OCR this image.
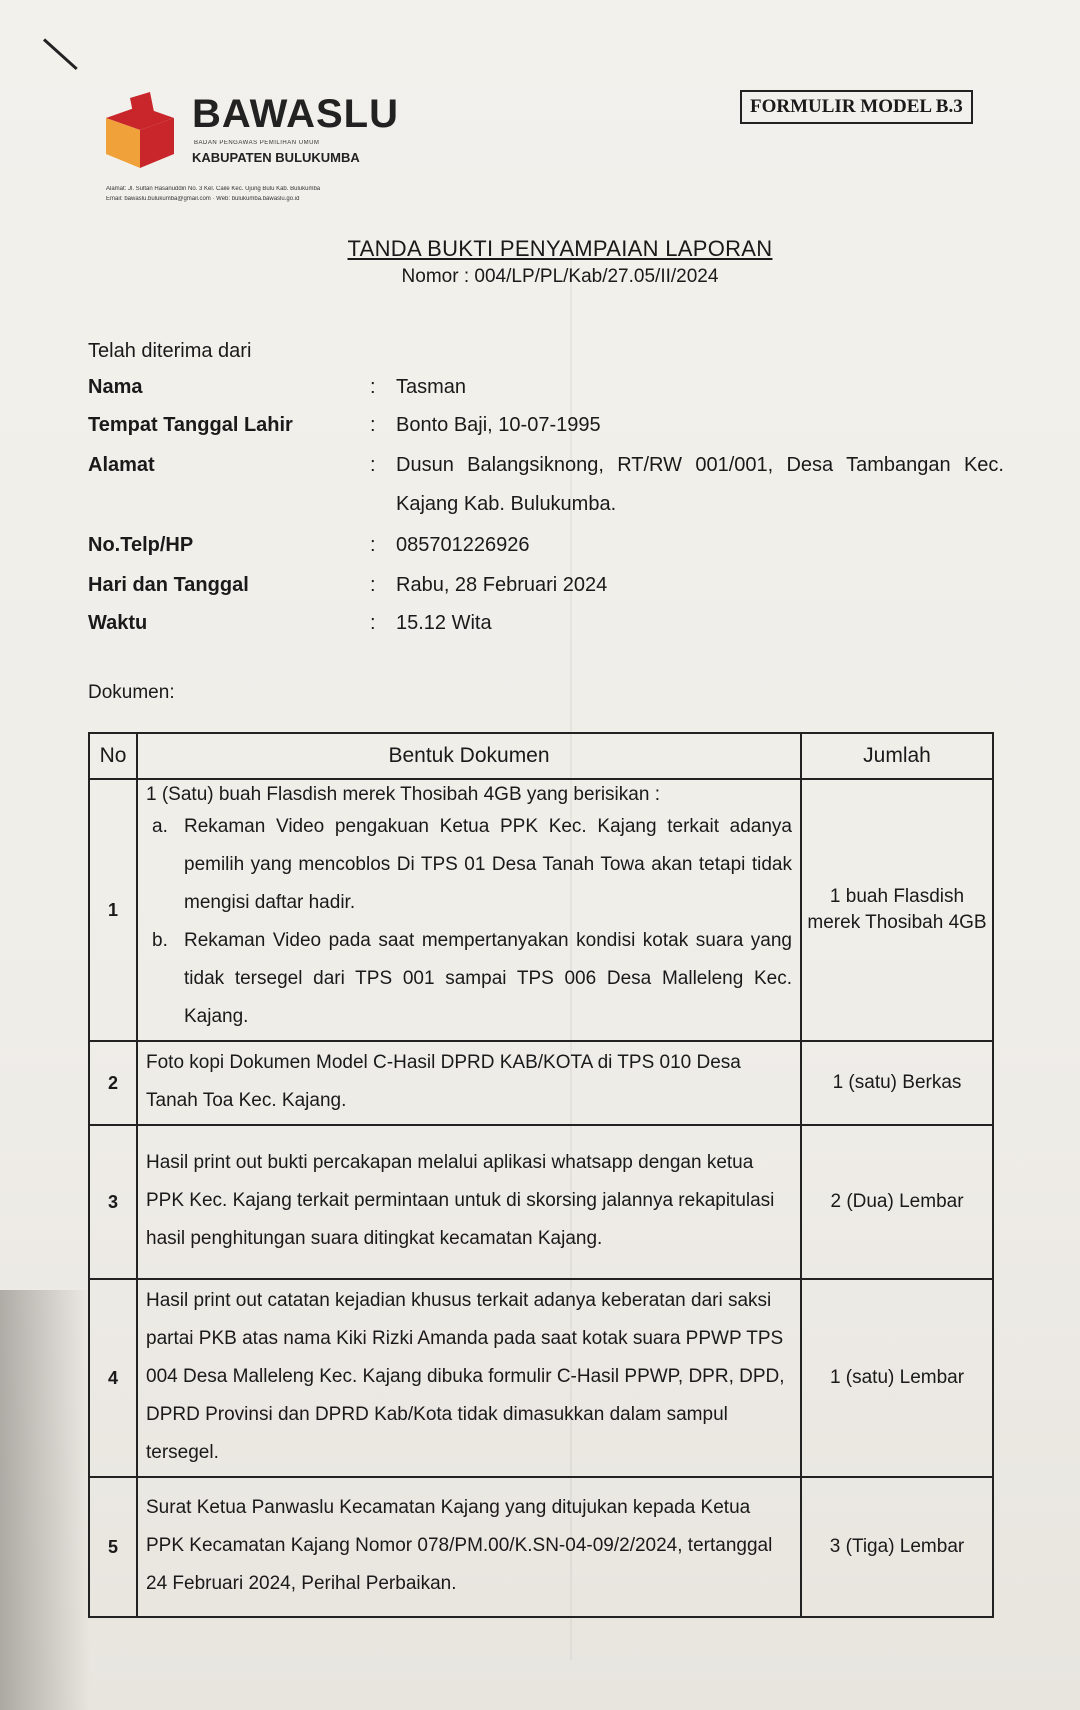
BAWASLU
BADAN PENGAWAS PEMILIHAN UMUM
KABUPATEN BULUKUMBA
Alamat: Jl. Sultan Hasanuddin No. 3 Kel. Caile Kec. Ujung Bulu Kab. Bulukumba
Email: bawaslu.bulukumba@gmail.com · Web: bulukumba.bawaslu.go.id
FORMULIR MODEL B.3
TANDA BUKTI PENYAMPAIAN LAPORAN
Nomor : 004/LP/PL/Kab/27.05/II/2024
Telah diterima dari
Nama	: Tasman
Tempat Tanggal Lahir	: Bonto Baji, 10-07-1995
Alamat	: Dusun Balangsiknong, RT/RW 001/001, Desa Tambangan Kec. Kajang Kab. Bulukumba.
No.Telp/HP	: 085701226926
Hari dan Tanggal	: Rabu, 28 Februari 2024
Waktu	: 15.12 Wita
Dokumen:
No	Bentuk Dokumen	Jumlah
1	1 (Satu) buah Flasdish merek Thosibah 4GB yang berisikan :
a. Rekaman Video pengakuan Ketua PPK Kec. Kajang terkait adanya pemilih yang mencoblos Di TPS 01 Desa Tanah Towa akan tetapi tidak mengisi daftar hadir.
b. Rekaman Video pada saat mempertanyakan kondisi kotak suara yang tidak tersegel dari TPS 001 sampai TPS 006 Desa Malleleng Kec. Kajang.	1 buah Flasdish merek Thosibah 4GB
2	Foto kopi Dokumen Model C-Hasil DPRD KAB/KOTA di TPS 010 Desa Tanah Toa Kec. Kajang.	1 (satu) Berkas
3	Hasil print out bukti percakapan melalui aplikasi whatsapp dengan ketua PPK Kec. Kajang terkait permintaan untuk di skorsing jalannya rekapitulasi hasil penghitungan suara ditingkat kecamatan Kajang.	2 (Dua) Lembar
4	Hasil print out catatan kejadian khusus terkait adanya keberatan dari saksi partai PKB atas nama Kiki Rizki Amanda pada saat kotak suara PPWP TPS 004 Desa Malleleng Kec. Kajang dibuka formulir C-Hasil PPWP, DPR, DPD, DPRD Provinsi dan DPRD Kab/Kota tidak dimasukkan dalam sampul tersegel.	1 (satu) Lembar
5	Surat Ketua Panwaslu Kecamatan Kajang yang ditujukan kepada Ketua PPK Kecamatan Kajang Nomor 078/PM.00/K.SN-04-09/2/2024, tertanggal 24 Februari 2024, Perihal Perbaikan.	3 (Tiga) Lembar
